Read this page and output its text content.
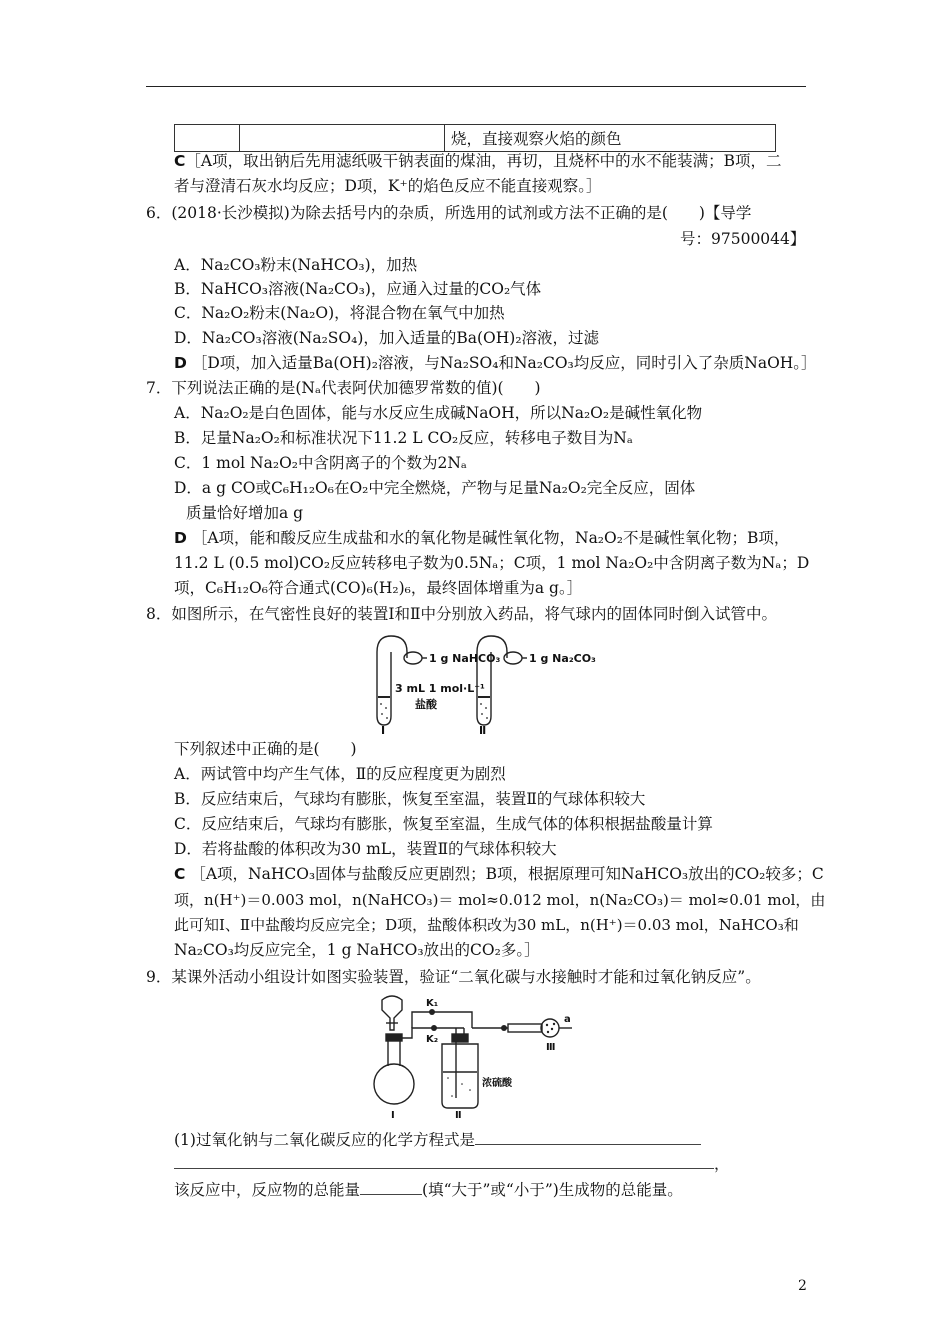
		烧，直接观察火焰的颜色
C［A项，取出钠后先用滤纸吸干钠表面的煤油，再切，且烧杯中的水不能装满；B项，二
者与澄清石灰水均反应；D项，K⁺的焰色反应不能直接观察。］
6．(2018·长沙模拟)为除去括号内的杂质，所选用的试剂或方法不正确的是(　　)【导学
号：97500044】
A．Na₂CO₃粉末(NaHCO₃)，加热
B．NaHCO₃溶液(Na₂CO₃)，应通入过量的CO₂气体
C．Na₂O₂粉末(Na₂O)，将混合物在氧气中加热
D．Na₂CO₃溶液(Na₂SO₄)，加入适量的Ba(OH)₂溶液，过滤
D ［D项，加入适量Ba(OH)₂溶液，与Na₂SO₄和Na₂CO₃均反应，同时引入了杂质NaOH。］
7．下列说法正确的是(Nₐ代表阿伏加德罗常数的值)(　　)
A．Na₂O₂是白色固体，能与水反应生成碱NaOH，所以Na₂O₂是碱性氧化物
B．足量Na₂O₂和标准状况下11.2 L CO₂反应，转移电子数目为Nₐ
C．1 mol Na₂O₂中含阴离子的个数为2Nₐ
D．a g CO或C₆H₁₂O₆在O₂中完全燃烧，产物与足量Na₂O₂完全反应，固体
质量恰好增加a g
D ［A项，能和酸反应生成盐和水的氧化物是碱性氧化物，Na₂O₂不是碱性氧化物；B项，
11.2 L (0.5 mol)CO₂反应转移电子数为0.5Nₐ；C项，1 mol Na₂O₂中含阴离子数为Nₐ；D
项，C₆H₁₂O₆符合通式(CO)₆(H₂)₆，最终固体增重为a g。］
8．如图所示，在气密性良好的装置Ⅰ和Ⅱ中分别放入药品，将气球内的固体同时倒入试管中。
1 g NaHCO₃	1 g Na₂CO₃
3 mL 1 mol·L⁻¹
盐酸
Ⅰ	Ⅱ
下列叙述中正确的是(　　)
A．两试管中均产生气体，Ⅱ的反应程度更为剧烈
B．反应结束后，气球均有膨胀，恢复至室温，装置Ⅱ的气球体积较大
C．反应结束后，气球均有膨胀，恢复至室温，生成气体的体积根据盐酸量计算
D．若将盐酸的体积改为30 mL，装置Ⅱ的气球体积较大
C ［A项，NaHCO₃固体与盐酸反应更剧烈；B项，根据原理可知NaHCO₃放出的CO₂较多；C
项，n(H⁺)＝0.003 mol，n(NaHCO₃)＝ mol≈0.012 mol，n(Na₂CO₃)＝ mol≈0.01 mol，由
此可知Ⅰ、Ⅱ中盐酸均反应完全；D项，盐酸体积改为30 mL，n(H⁺)＝0.03 mol，NaHCO₃和
Na₂CO₃均反应完全，1 g NaHCO₃放出的CO₂多。］
9．某课外活动小组设计如图实验装置，验证“二氧化碳与水接触时才能和过氧化钠反应”。
K₁
K₂
浓硫酸
Ⅰ	Ⅱ
Ⅲ
a
(1)过氧化钠与二氧化碳反应的化学方程式是
，
该反应中，反应物的总能量	(填“大于”或“小于”)生成物的总能量。
2
